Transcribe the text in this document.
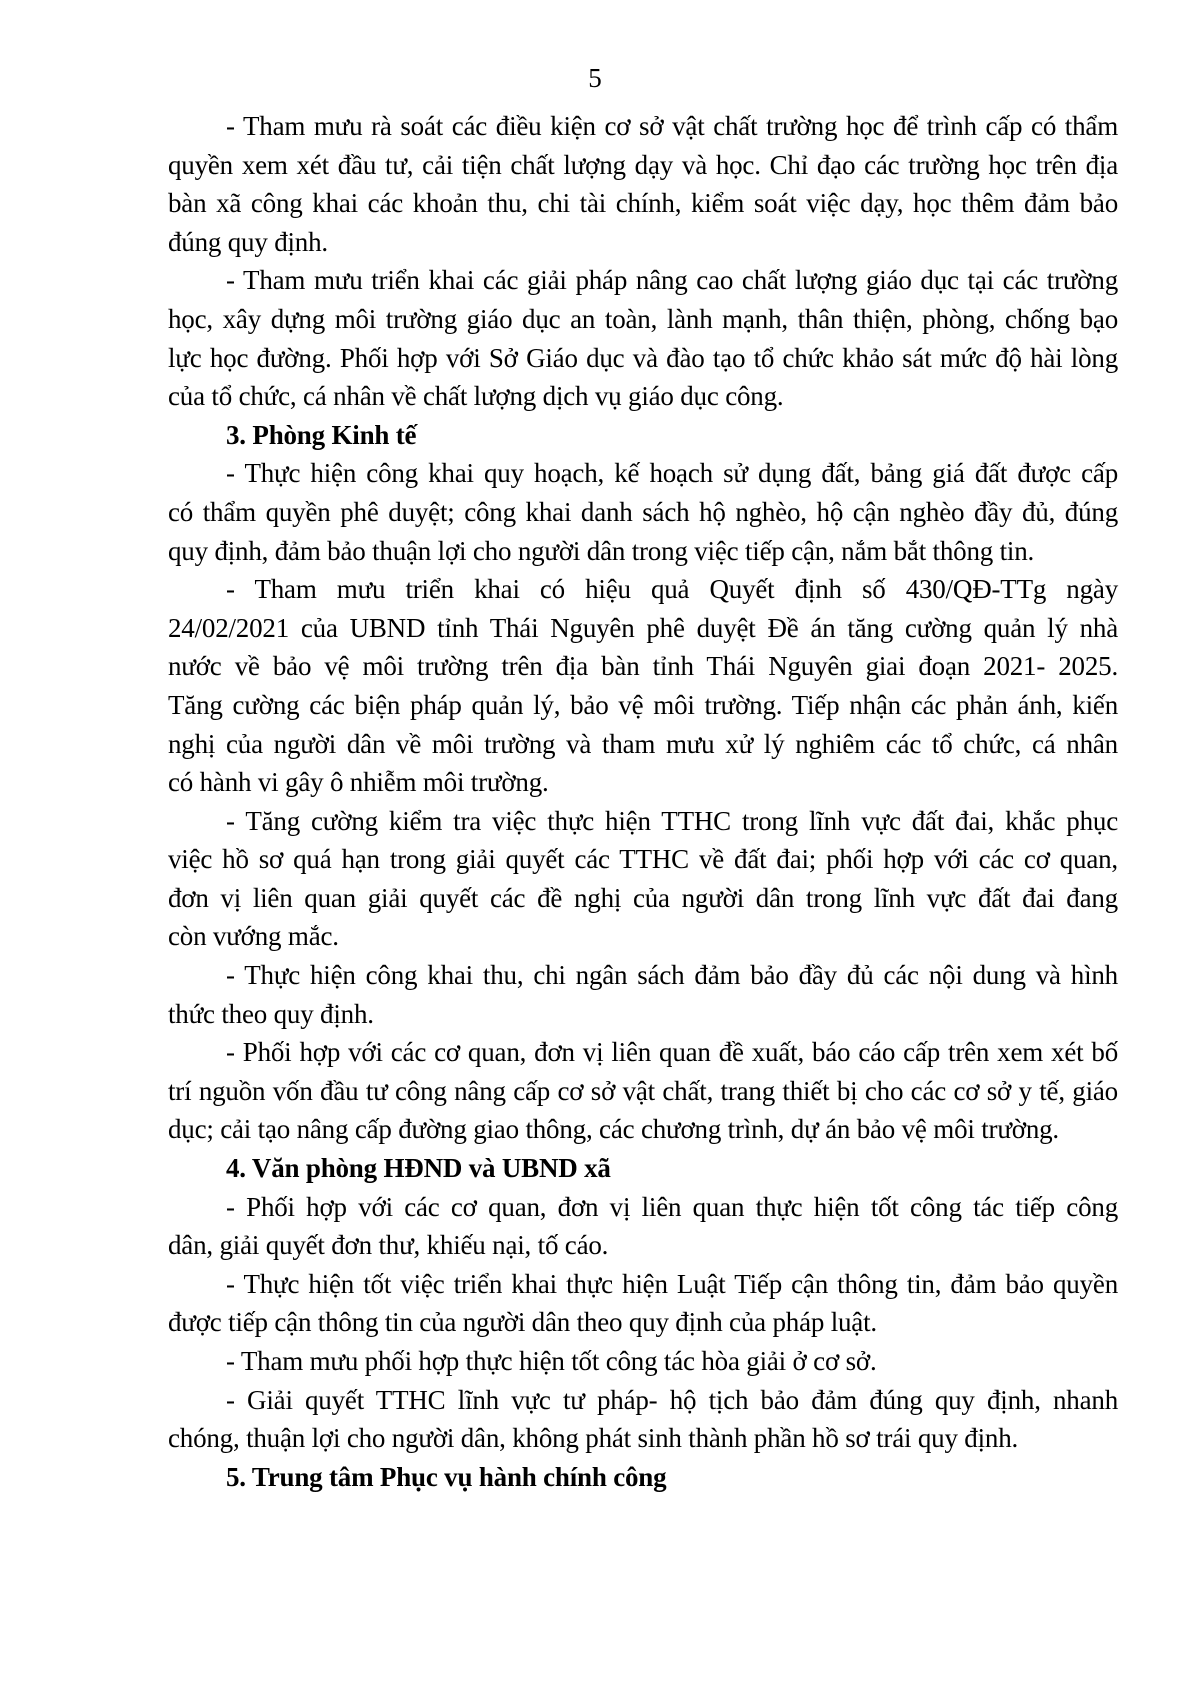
5
- Tham mưu rà soát các điều kiện cơ sở vật chất trường học để trình cấp có thẩm
quyền xem xét đầu tư, cải tiện chất lượng dạy và học. Chỉ đạo các trường học trên địa
bàn xã công khai các khoản thu, chi tài chính, kiểm soát việc dạy, học thêm đảm bảo
đúng quy định.
- Tham mưu triển khai các giải pháp nâng cao chất lượng giáo dục tại các trường
học, xây dựng môi trường giáo dục an toàn, lành mạnh, thân thiện, phòng, chống bạo
lực học đường. Phối hợp với Sở Giáo dục và đào tạo tổ chức khảo sát mức độ hài lòng
của tổ chức, cá nhân về chất lượng dịch vụ giáo dục công.
3. Phòng Kinh tế
- Thực hiện công khai quy hoạch, kế hoạch sử dụng đất, bảng giá đất được cấp
có thẩm quyền phê duyệt; công khai danh sách hộ nghèo, hộ cận nghèo đầy đủ, đúng
quy định, đảm bảo thuận lợi cho người dân trong việc tiếp cận, nắm bắt thông tin.
- Tham mưu triển khai có hiệu quả Quyết định số 430/QĐ-TTg ngày
24/02/2021 của UBND tỉnh Thái Nguyên phê duyệt Đề án tăng cường quản lý nhà
nước về bảo vệ môi trường trên địa bàn tỉnh Thái Nguyên giai đoạn 2021- 2025.
Tăng cường các biện pháp quản lý, bảo vệ môi trường. Tiếp nhận các phản ánh, kiến
nghị của người dân về môi trường và tham mưu xử lý nghiêm các tổ chức, cá nhân
có hành vi gây ô nhiễm môi trường.
- Tăng cường kiểm tra việc thực hiện TTHC trong lĩnh vực đất đai, khắc phục
việc hồ sơ quá hạn trong giải quyết các TTHC về đất đai; phối hợp với các cơ quan,
đơn vị liên quan giải quyết các đề nghị của người dân trong lĩnh vực đất đai đang
còn vướng mắc.
- Thực hiện công khai thu, chi ngân sách đảm bảo đầy đủ các nội dung và hình
thức theo quy định.
- Phối hợp với các cơ quan, đơn vị liên quan đề xuất, báo cáo cấp trên xem xét bố
trí nguồn vốn đầu tư công nâng cấp cơ sở vật chất, trang thiết bị cho các cơ sở y tế, giáo
dục; cải tạo nâng cấp đường giao thông, các chương trình, dự án bảo vệ môi trường.
4. Văn phòng HĐND và UBND xã
- Phối hợp với các cơ quan, đơn vị liên quan thực hiện tốt công tác tiếp công
dân, giải quyết đơn thư, khiếu nại, tố cáo.
- Thực hiện tốt việc triển khai thực hiện Luật Tiếp cận thông tin, đảm bảo quyền
được tiếp cận thông tin của người dân theo quy định của pháp luật.
- Tham mưu phối hợp thực hiện tốt công tác hòa giải ở cơ sở.
- Giải quyết TTHC lĩnh vực tư pháp- hộ tịch bảo đảm đúng quy định, nhanh
chóng, thuận lợi cho người dân, không phát sinh thành phần hồ sơ trái quy định.
5. Trung tâm Phục vụ hành chính công
